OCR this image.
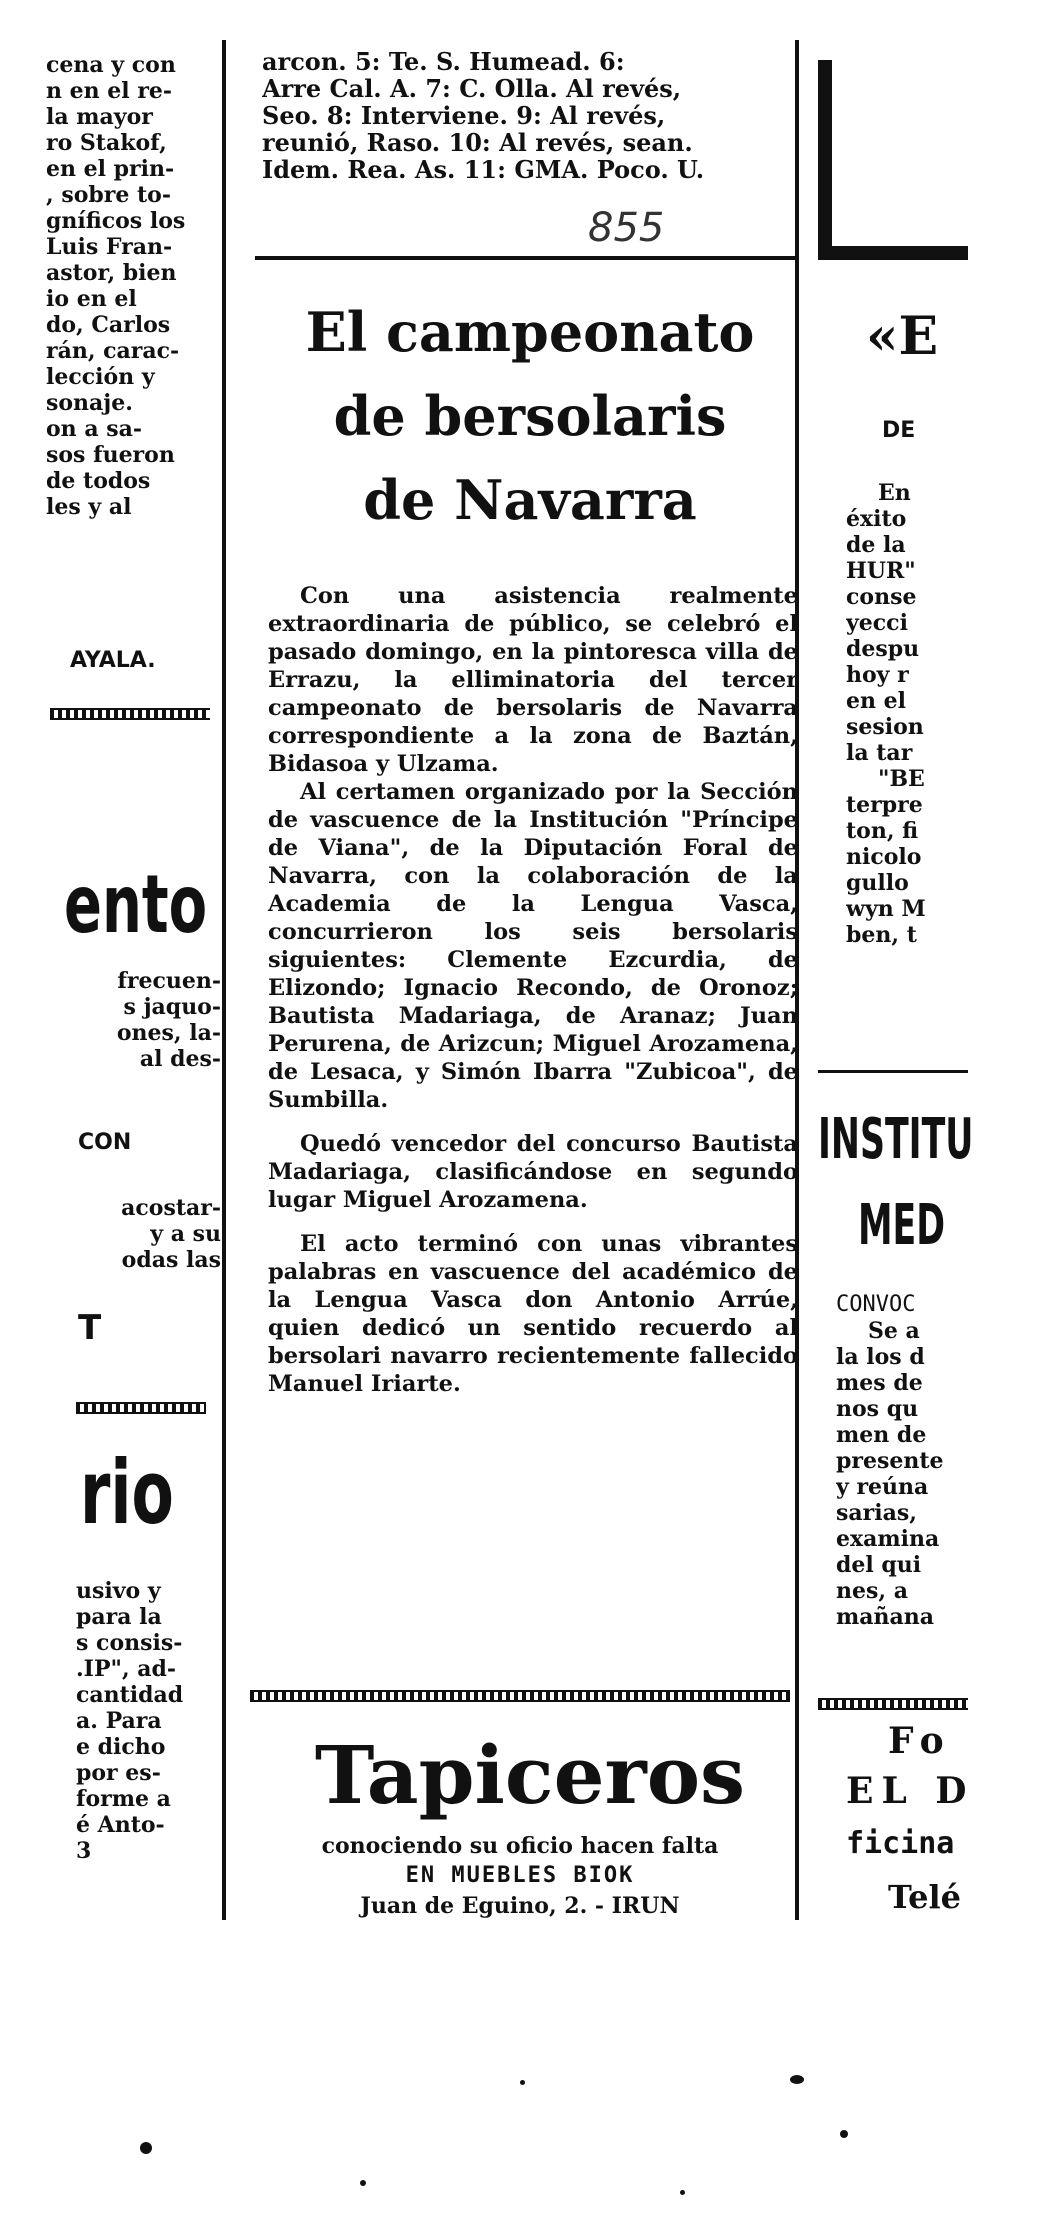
arcon. 5: Te. S. Humead. 6:
Arre Cal. A. 7: C. Olla. Al revés,
Seo. 8: Interviene. 9: Al revés,
reunió, Raso. 10: Al revés, sean.
Idem. Rea. As. 11: GMA. Poco. U.
855
El campeonato
de bersolaris
de Navarra

Con una asistencia realmente extraordinaria de público, se celebró el pasado domingo, en la pintoresca villa de Errazu, la elliminatoria del tercer campeonato de bersolaris de Navarra correspondiente a la zona de Baztán, Bidasoa y Ulzama.

Al certamen organizado por la Sección de vascuence de la Institución "Príncipe de Viana", de la Diputación Foral de Navarra, con la colaboración de la Academia de la Lengua Vasca, concurrieron los seis bersolaris siguientes: Clemente Ezcurdia, de Elizondo; Ignacio Recondo, de Oronoz; Bautista Madariaga, de Aranaz; Juan Perurena, de Arizcun; Miguel Arozamena, de Lesaca, y Simón Ibarra "Zubicoa", de Sumbilla.

Quedó vencedor del concurso Bautista Madariaga, clasificándose en segundo lugar Miguel Arozamena.

El acto terminó con unas vibrantes palabras en vascuence del académico de la Lengua Vasca don Antonio Arrúe, quien dedicó un sentido recuerdo al bersolari navarro recientemente fallecido Manuel Iriarte.

Tapiceros
conociendo su oficio hacen falta
EN MUEBLES BIOK
Juan de Eguino, 2. - IRUN
cena y con
n en el re-
la mayor
ro Stakof,
en el prin-
, sobre to-
gníficos los
Luis Fran-
astor, bien
io en el
do, Carlos
rán, carac-
lección y
sonaje.
on a sa-
sos fueron
de todos
les y al
AYALA.
ento
frecuen-
s jaquo-
ones, la-
al des-
CON
acostar-
y a su
odas las
T
rio
usivo y
para la
s consis-
.IP", ad-
cantidad
a. Para
e dicho
por es-
forme a
é Anto-
3
«E
DE
En
éxito
de la
HUR"
conse
yecci
despu
hoy r
en el
sesion
la tar
"BE
terpre
ton, fi
nicolo
gullo
wyn M
ben, t
INSTITU
MED
CONVOC
Se a
la los d
mes de
nos qu
men de
presente
y reúna
sarias,
examina
del qui
nes, a
mañana
Fo
EL D
ficina
Telé
